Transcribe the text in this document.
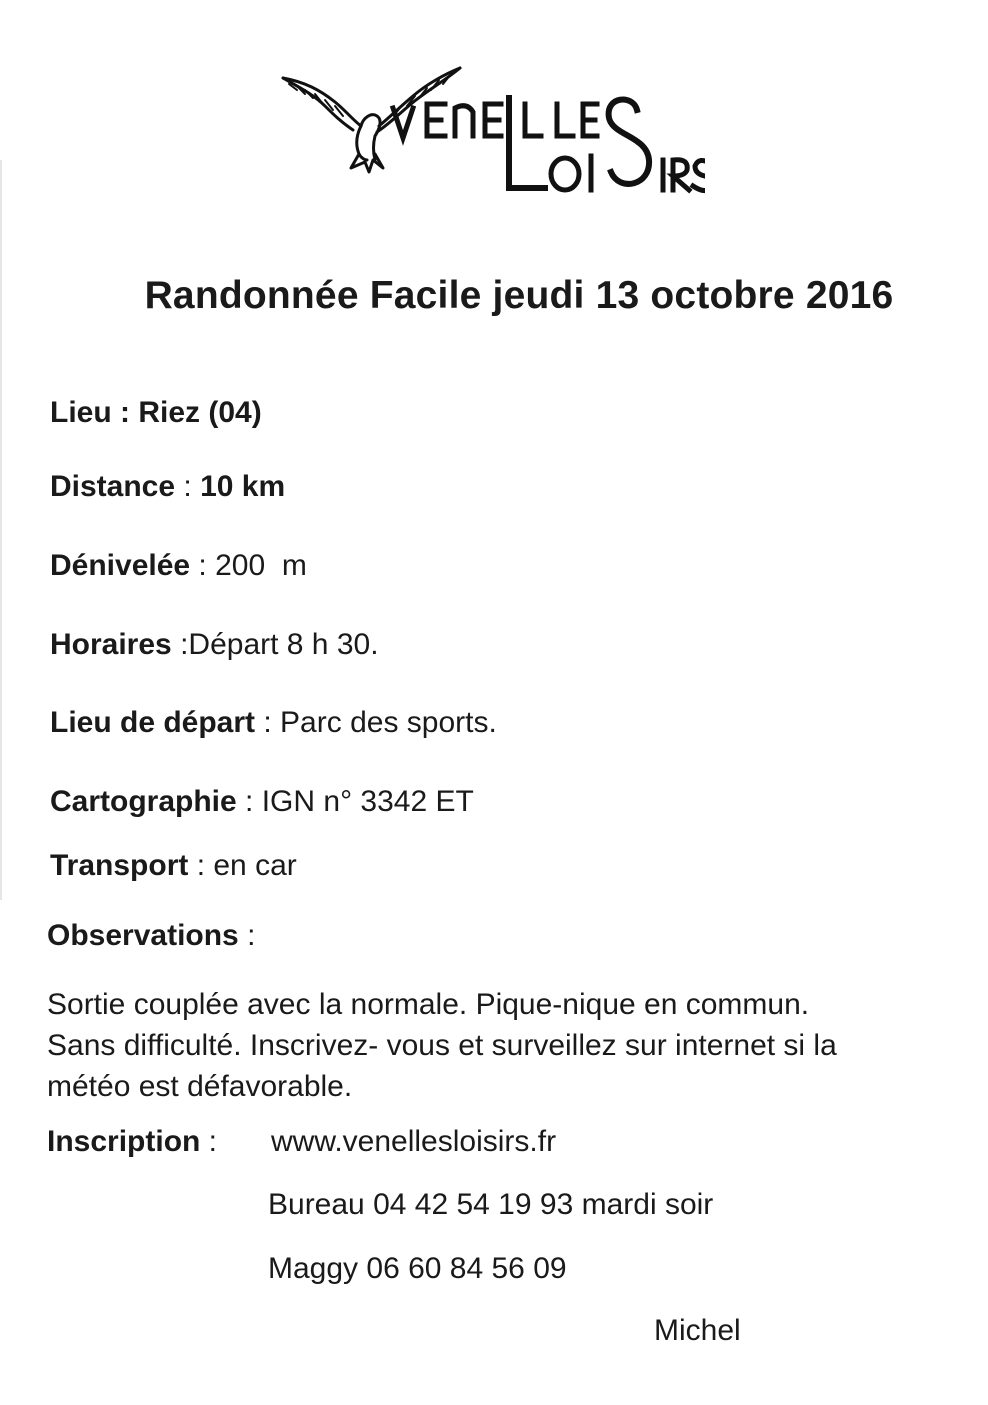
Randonnée Facile jeudi 13 octobre 2016
Lieu : Riez (04)
Distance : 10 km
Dénivelée : 200  m
Horaires :Départ 8 h 30.
Lieu de départ : Parc des sports.
Cartographie : IGN n° 3342 ET
Transport : en car
Observations :
Sortie couplée avec la normale. Pique-nique en commun.
Sans difficulté. Inscrivez- vous et surveillez sur internet si la
météo est défavorable.
Inscription : www.venellesloisirs.fr
Bureau 04 42 54 19 93 mardi soir
Maggy 06 60 84 56 09
Michel
